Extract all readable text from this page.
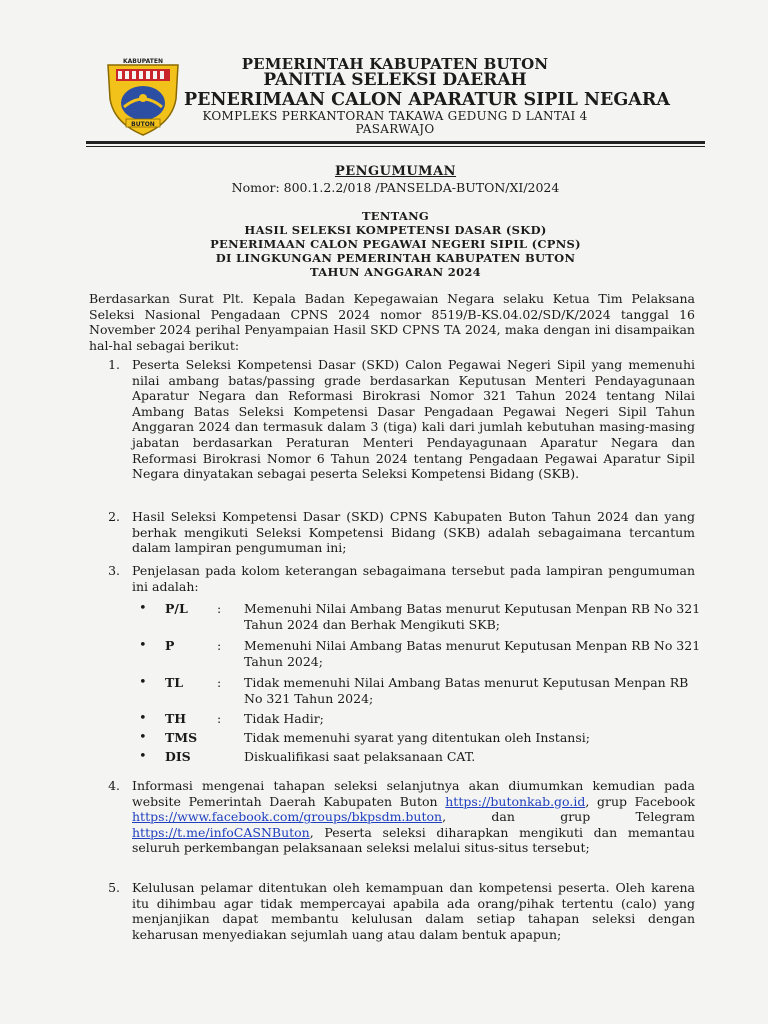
KABUPATEN
BUTON
PEMERINTAH KABUPATEN BUTON
PANITIA SELEKSI DAERAH
PENERIMAAN CALON APARATUR SIPIL NEGARA
KOMPLEKS PERKANTORAN TAKAWA GEDUNG D LANTAI 4
PASARWAJO
PENGUMUMAN
Nomor: 800.1.2.2/018 /PANSELDA-BUTON/XI/2024
TENTANG
HASIL SELEKSI KOMPETENSI DASAR (SKD)
PENERIMAAN CALON PEGAWAI NEGERI SIPIL (CPNS)
DI LINGKUNGAN PEMERINTAH KABUPATEN BUTON
TAHUN ANGGARAN 2024
Berdasarkan Surat Plt. Kepala Badan Kepegawaian Negara selaku Ketua Tim Pelaksana Seleksi Nasional Pengadaan CPNS 2024 nomor 8519/B-KS.04.02/SD/K/2024 tanggal 16 November 2024 perihal Penyampaian Hasil SKD CPNS TA 2024, maka dengan ini disampaikan hal-hal sebagai berikut:
1. Peserta Seleksi Kompetensi Dasar (SKD) Calon Pegawai Negeri Sipil yang memenuhi nilai ambang batas/passing grade berdasarkan Keputusan Menteri Pendayagunaan Aparatur Negara dan Reformasi Birokrasi Nomor 321 Tahun 2024 tentang Nilai Ambang Batas Seleksi Kompetensi Dasar Pengadaan Pegawai Negeri Sipil Tahun Anggaran 2024 dan termasuk dalam 3 (tiga) kali dari jumlah kebutuhan masing-masing jabatan berdasarkan Peraturan Menteri Pendayagunaan Aparatur Negara dan Reformasi Birokrasi Nomor 6 Tahun 2024 tentang Pengadaan Pegawai Aparatur Sipil Negara dinyatakan sebagai peserta Seleksi Kompetensi Bidang (SKB).
2. Hasil Seleksi Kompetensi Dasar (SKD) CPNS Kabupaten Buton Tahun 2024 dan yang berhak mengikuti Seleksi Kompetensi Bidang (SKB) adalah sebagaimana tercantum dalam lampiran pengumuman ini;
3. Penjelasan pada kolom keterangan sebagaimana tersebut pada lampiran pengumuman ini adalah:
• P/L : Memenuhi Nilai Ambang Batas menurut Keputusan Menpan RB No 321 Tahun 2024 dan Berhak Mengikuti SKB;
• P	: Memenuhi Nilai Ambang Batas menurut Keputusan Menpan RB No 321 Tahun 2024;
• TL	: Tidak memenuhi Nilai Ambang Batas menurut Keputusan Menpan RB No 321 Tahun 2024;
• TH : Tidak Hadir;
• TMS	Tidak memenuhi syarat yang ditentukan oleh Instansi;
• DIS	Diskualifikasi saat pelaksanaan CAT.
4. Informasi mengenai tahapan seleksi selanjutnya akan diumumkan kemudian pada website Pemerintah Daerah Kabupaten Buton https://butonkab.go.id, grup Facebook https://www.facebook.com/groups/bkpsdm.buton, dan grup Telegram https://t.me/infoCASNButon, Peserta seleksi diharapkan mengikuti dan memantau seluruh perkembangan pelaksanaan seleksi melalui situs-situs tersebut;
5. Kelulusan pelamar ditentukan oleh kemampuan dan kompetensi peserta. Oleh karena itu dihimbau agar tidak mempercayai apabila ada orang/pihak tertentu (calo) yang menjanjikan dapat membantu kelulusan dalam setiap tahapan seleksi dengan keharusan menyediakan sejumlah uang atau dalam bentuk apapun;
